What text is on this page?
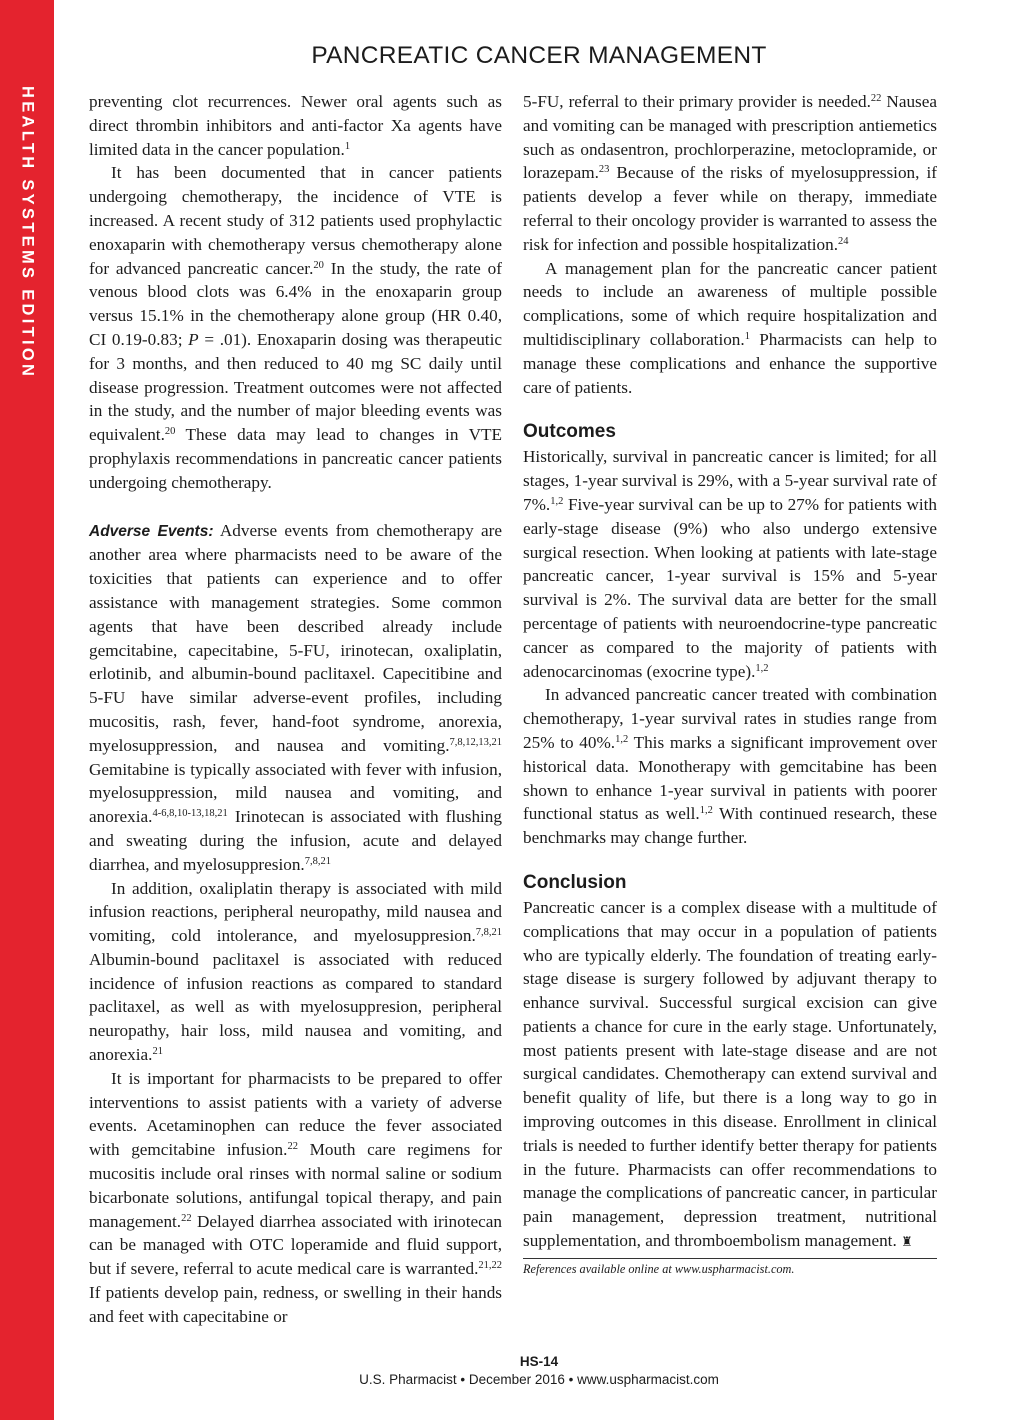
HEALTH SYSTEMS EDITION
PANCREATIC CANCER MANAGEMENT

preventing clot recurrences. Newer oral agents such as direct thrombin inhibitors and anti-factor Xa agents have limited data in the cancer population.$^1$

It has been documented that in cancer patients undergoing chemotherapy, the incidence of VTE is increased. A recent study of 312 patients used prophylactic enoxaparin with chemotherapy versus chemotherapy alone for advanced pancreatic cancer.$^{20}$ In the study, the rate of venous blood clots was 6.4% in the enoxaparin group versus 15.1% in the chemotherapy alone group (HR 0.40, CI 0.19-0.83; P = .01). Enoxaparin dosing was therapeutic for 3 months, and then reduced to 40 mg SC daily until disease progression. Treatment outcomes were not affected in the study, and the number of major bleeding events was equivalent.$^{20}$ These data may lead to changes in VTE prophylaxis recommendations in pancreatic cancer patients undergoing chemotherapy.

Adverse Events: Adverse events from chemotherapy are another area where pharmacists need to be aware of the toxicities that patients can experience and to offer assistance with management strategies. Some common agents that have been described already include gemcitabine, capecitabine, 5-FU, irinotecan, oxaliplatin, erlotinib, and albumin-bound paclitaxel. Capecitibine and 5-FU have similar adverse-event profiles, including mucositis, rash, fever, hand-foot syndrome, anorexia, myelosuppression, and nausea and vomiting.$^{7,8,12,13,21}$ Gemitabine is typically associated with fever with infusion, myelosuppression, mild nausea and vomiting, and anorexia.$^{4-6,8,10-13,18,21}$ Irinotecan is associated with flushing and sweating during the infusion, acute and delayed diarrhea, and myelosuppresion.$^{7,8,21}$

In addition, oxaliplatin therapy is associated with mild infusion reactions, peripheral neuropathy, mild nausea and vomiting, cold intolerance, and myelosuppresion.$^{7,8,21}$ Albumin-bound paclitaxel is associated with reduced incidence of infusion reactions as compared to standard paclitaxel, as well as with myelosuppresion, peripheral neuropathy, hair loss, mild nausea and vomiting, and anorexia.$^{21}$

It is important for pharmacists to be prepared to offer interventions to assist patients with a variety of adverse events. Acetaminophen can reduce the fever associated with gemcitabine infusion.$^{22}$ Mouth care regimens for mucositis include oral rinses with normal saline or sodium bicarbonate solutions, antifungal topical therapy, and pain management.$^{22}$ Delayed diarrhea associated with irinotecan can be managed with OTC loperamide and fluid support, but if severe, referral to acute medical care is warranted.$^{21,22}$ If patients develop pain, redness, or swelling in their hands and feet with capecitabine or

5-FU, referral to their primary provider is needed.$^{22}$ Nausea and vomiting can be managed with prescription antiemetics such as ondasentron, prochlorperazine, metoclopramide, or lorazepam.$^{23}$ Because of the risks of myelosuppression, if patients develop a fever while on therapy, immediate referral to their oncology provider is warranted to assess the risk for infection and possible hospitalization.$^{24}$

A management plan for the pancreatic cancer patient needs to include an awareness of multiple possible complications, some of which require hospitalization and multidisciplinary collaboration.$^1$ Pharmacists can help to manage these complications and enhance the supportive care of patients.

Outcomes

Historically, survival in pancreatic cancer is limited; for all stages, 1-year survival is 29%, with a 5-year survival rate of 7%.$^{1,2}$ Five-year survival can be up to 27% for patients with early-stage disease (9%) who also undergo extensive surgical resection. When looking at patients with late-stage pancreatic cancer, 1-year survival is 15% and 5-year survival is 2%. The survival data are better for the small percentage of patients with neuroendocrine-type pancreatic cancer as compared to the majority of patients with adenocarcinomas (exocrine type).$^{1,2}$

In advanced pancreatic cancer treated with combination chemotherapy, 1-year survival rates in studies range from 25% to 40%.$^{1,2}$ This marks a significant improvement over historical data. Monotherapy with gemcitabine has been shown to enhance 1-year survival in patients with poorer functional status as well.$^{1,2}$ With continued research, these benchmarks may change further.

Conclusion

Pancreatic cancer is a complex disease with a multitude of complications that may occur in a population of patients who are typically elderly. The foundation of treating early-stage disease is surgery followed by adjuvant therapy to enhance survival. Successful surgical excision can give patients a chance for cure in the early stage. Unfortunately, most patients present with late-stage disease and are not surgical candidates. Chemotherapy can extend survival and benefit quality of life, but there is a long way to go in improving outcomes in this disease. Enrollment in clinical trials is needed to further identify better therapy for patients in the future. Pharmacists can offer recommendations to manage the complications of pancreatic cancer, in particular pain management, depression treatment, nutritional supplementation, and thromboembolism management. ♜

References available online at www.uspharmacist.com.
HS-14
U.S. Pharmacist • December 2016 • www.uspharmacist.com
